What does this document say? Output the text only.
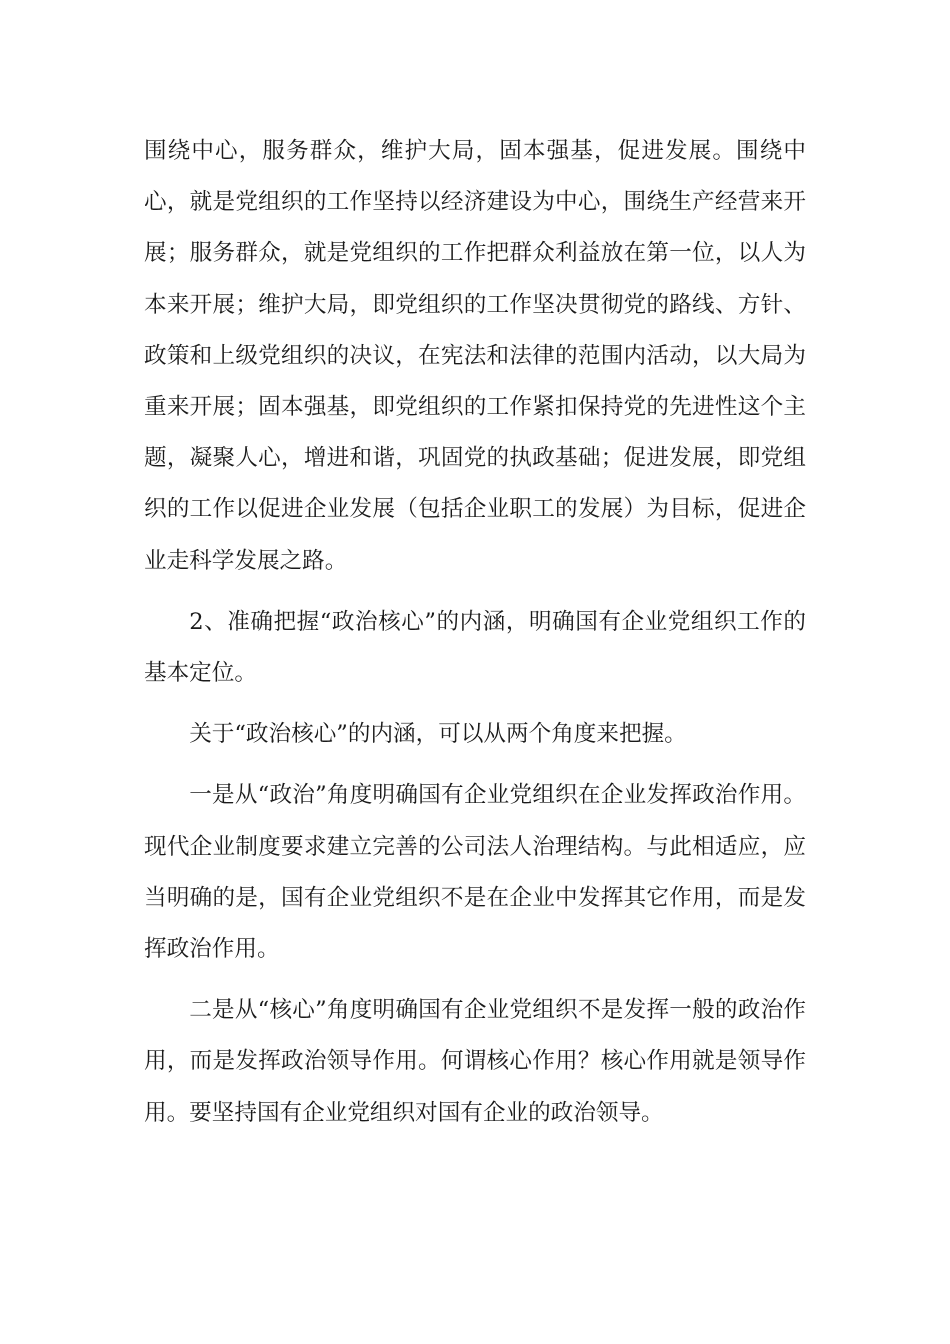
围绕中心，服务群众，维护大局，固本强基，促进发展。围绕中心，就是党组织的工作坚持以经济建设为中心，围绕生产经营来开展；服务群众，就是党组织的工作把群众利益放在第一位，以人为本来开展；维护大局，即党组织的工作坚决贯彻党的路线、方针、政策和上级党组织的决议，在宪法和法律的范围内活动，以大局为重来开展；固本强基，即党组织的工作紧扣保持党的先进性这个主题，凝聚人心，增进和谐，巩固党的执政基础；促进发展，即党组织的工作以促进企业发展（包括企业职工的发展）为目标，促进企业走科学发展之路。

2、准确把握“政治核心”的内涵，明确国有企业党组织工作的基本定位。

关于“政治核心”的内涵，可以从两个角度来把握。

一是从“政治”角度明确国有企业党组织在企业发挥政治作用。现代企业制度要求建立完善的公司法人治理结构。与此相适应，应当明确的是，国有企业党组织不是在企业中发挥其它作用，而是发挥政治作用。

二是从“核心”角度明确国有企业党组织不是发挥一般的政治作用，而是发挥政治领导作用。何谓核心作用？核心作用就是领导作用。要坚持国有企业党组织对国有企业的政治领导。
